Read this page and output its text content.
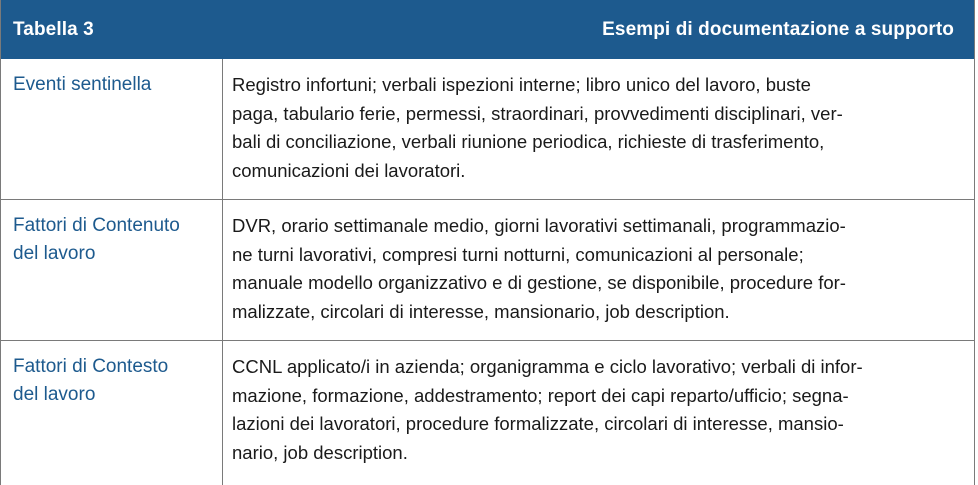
Tabella 3	Esempi di documentazione a supporto
Eventi sentinella	Registro infortuni; verbali ispezioni interne; libro unico del lavoro, buste

paga, tabulario ferie, permessi, straordinari, provvedimenti disciplinari, ver-

bali di conciliazione, verbali riunione periodica, richieste di trasferimento,

comunicazioni dei lavoratori.

Fattori di Contenuto
del lavoro

DVR, orario settimanale medio, giorni lavorativi settimanali, programmazio-

ne turni lavorativi, compresi turni notturni, comunicazioni al personale;

manuale modello organizzativo e di gestione, se disponibile, procedure for-

malizzate, circolari di interesse, mansionario, job description.

Fattori di Contesto
del lavoro

CCNL applicato/i in azienda; organigramma e ciclo lavorativo; verbali di infor-

mazione, formazione, addestramento; report dei capi reparto/ufficio; segna-

lazioni dei lavoratori, procedure formalizzate, circolari di interesse, mansio-

nario, job description.
